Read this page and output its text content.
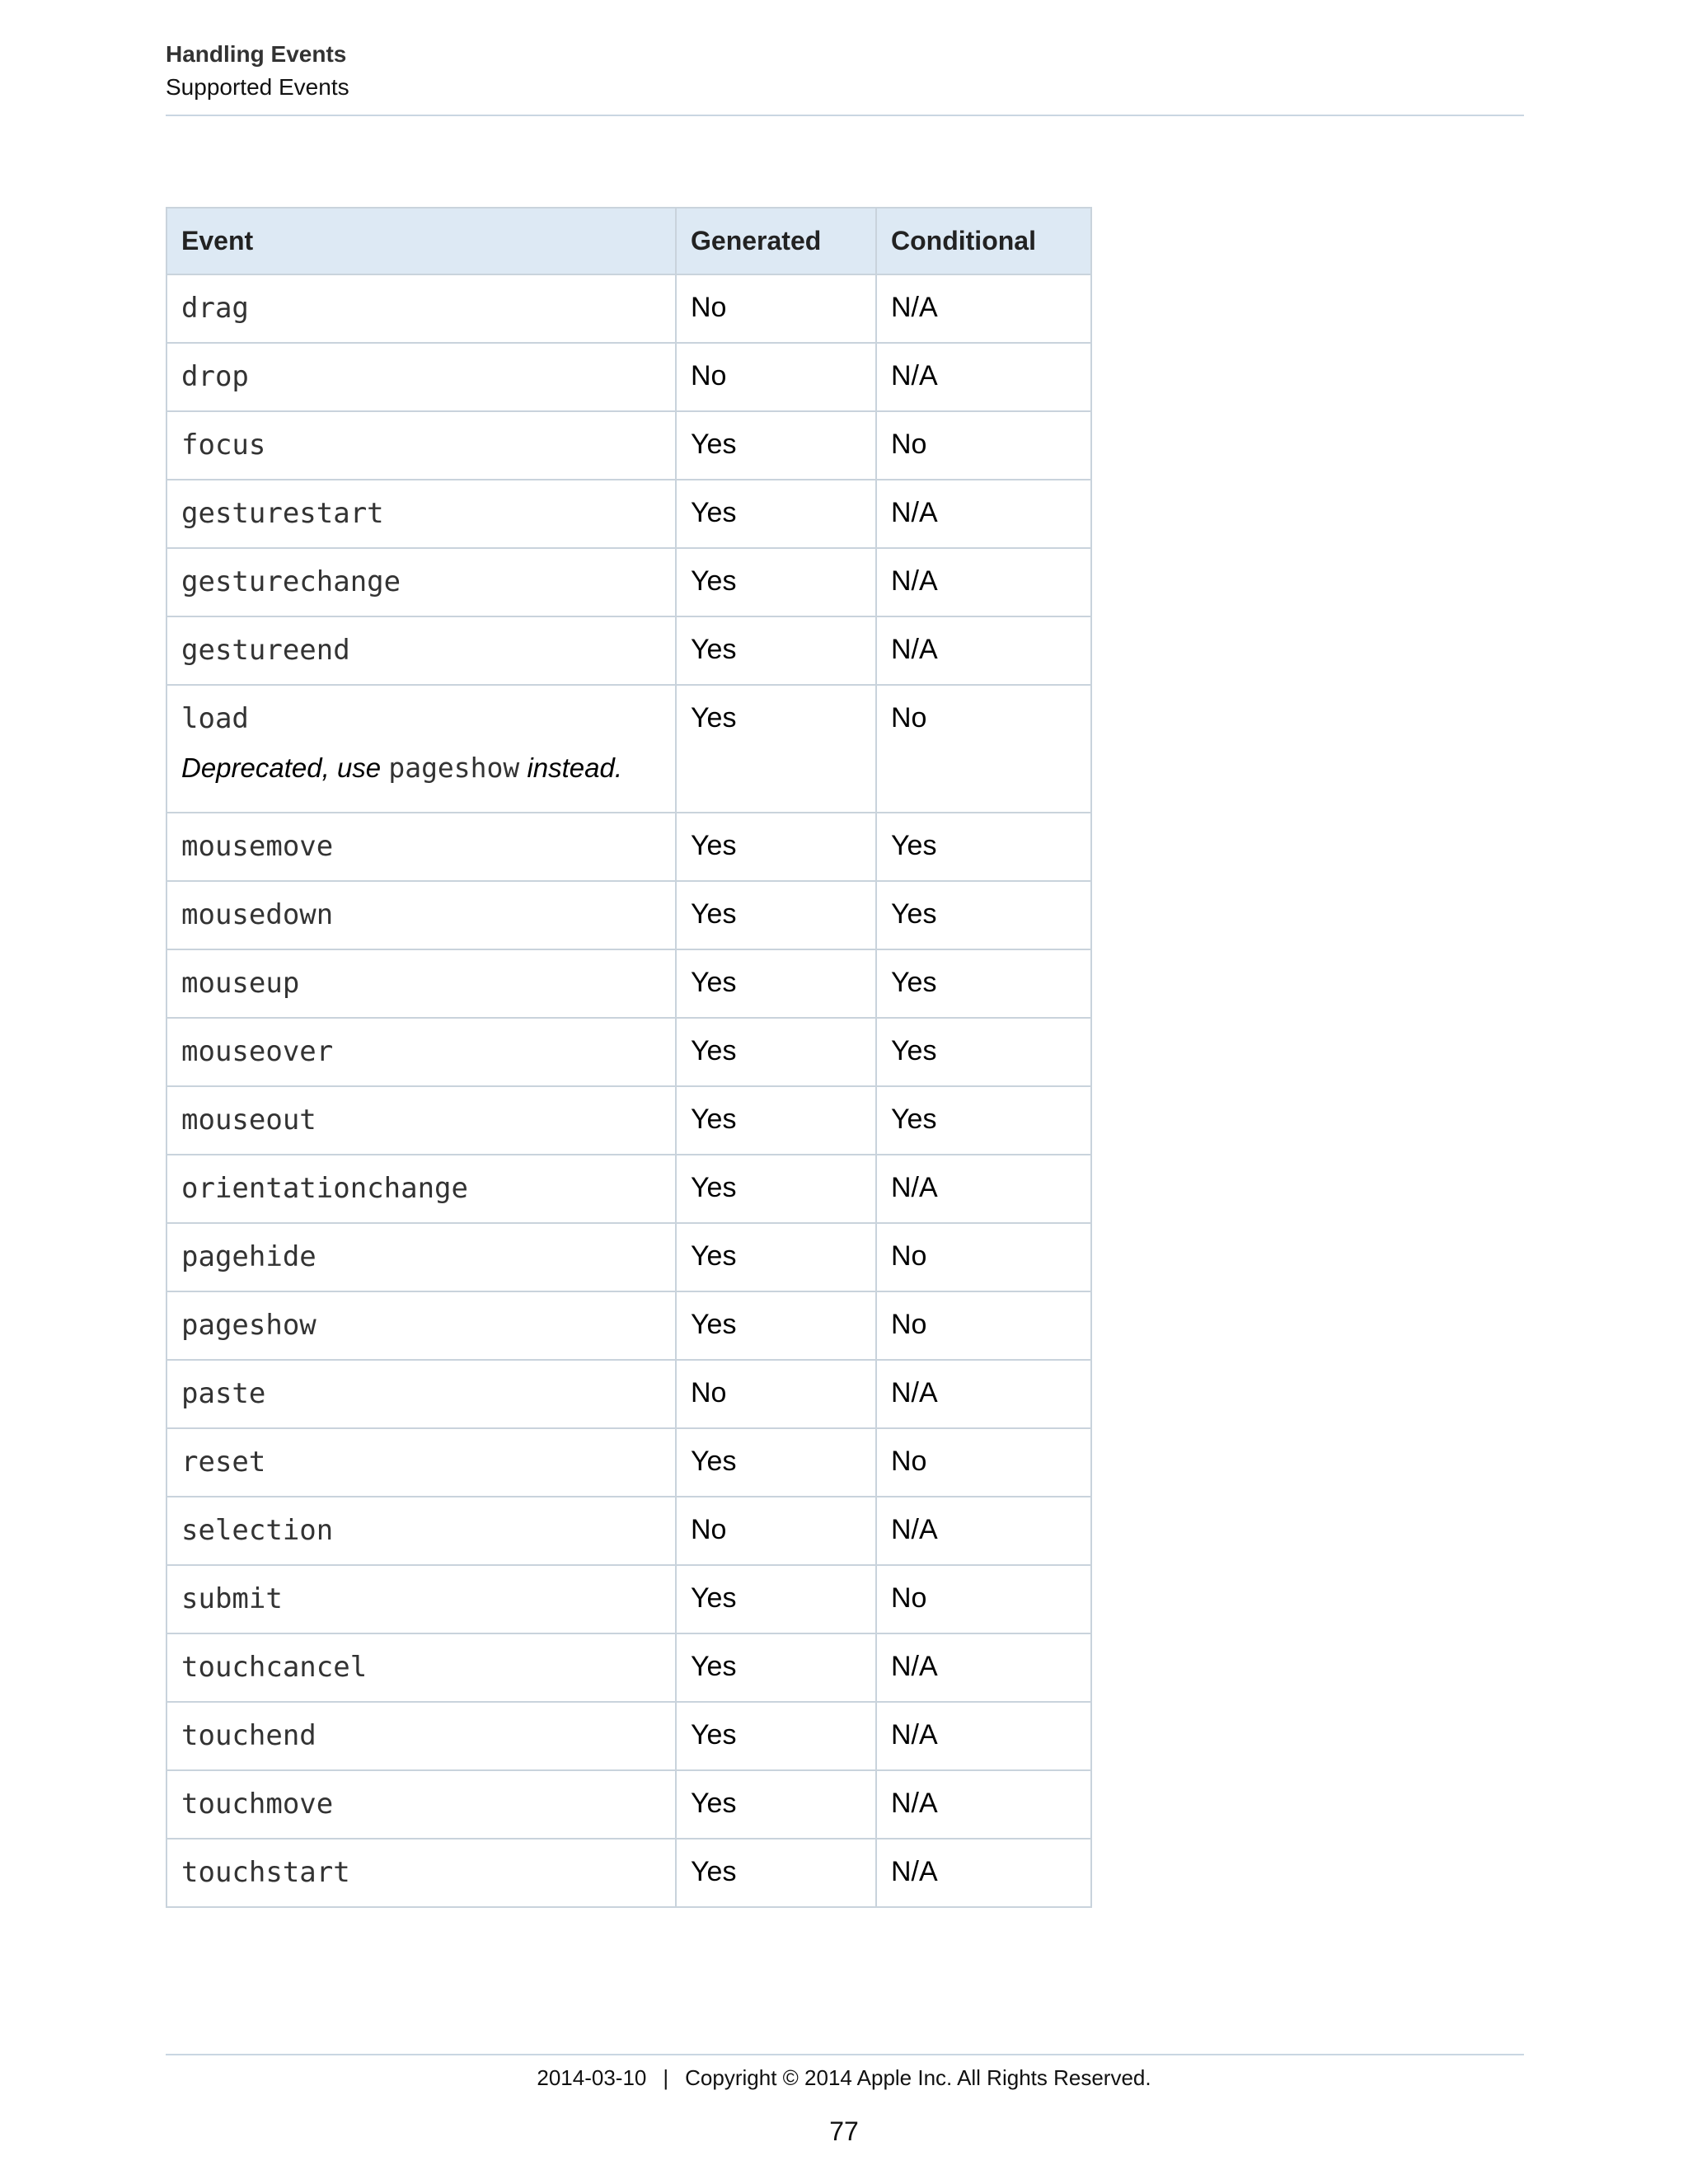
Handling Events
Supported Events
Event	Generated	Conditional

drag	No	N/A

drop	No	N/A

focus	Yes	No

gesturestart	Yes	N/A

gesturechange	Yes	N/A

gestureend	Yes	N/A

load
Deprecated, use pageshow instead.	Yes	No

mousemove	Yes	Yes

mousedown	Yes	Yes

mouseup	Yes	Yes

mouseover	Yes	Yes

mouseout	Yes	Yes

orientationchange	Yes	N/A

pagehide	Yes	No

pageshow	Yes	No

paste	No	N/A

reset	Yes	No

selection	No	N/A

submit	Yes	No

touchcancel	Yes	N/A

touchend	Yes	N/A

touchmove	Yes	N/A

touchstart	Yes	N/A
2014-03-10 | Copyright © 2014 Apple Inc. All Rights Reserved.
77
